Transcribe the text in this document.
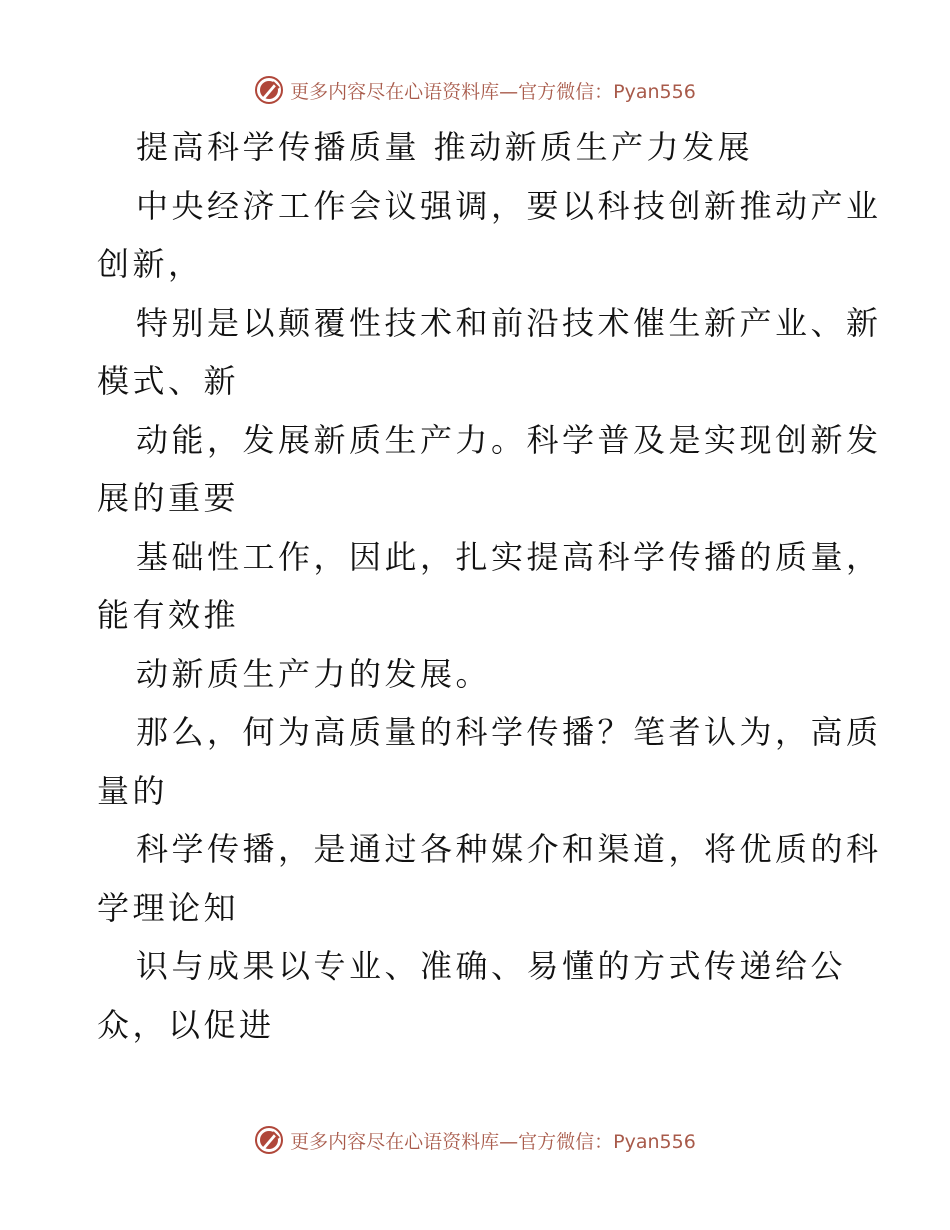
更多内容尽在心语资料库—官方微信：Pyan556
提高科学传播质量 推动新质生产力发展
中央经济工作会议强调，要以科技创新推动产业
创新，
特别是以颠覆性技术和前沿技术催生新产业、新
模式、新
动能，发展新质生产力。科学普及是实现创新发
展的重要
基础性工作，因此，扎实提高科学传播的质量，
能有效推
动新质生产力的发展。
那么，何为高质量的科学传播？笔者认为，高质
量的
科学传播，是通过各种媒介和渠道，将优质的科
学理论知
识与成果以专业、准确、易懂的方式传递给公
众，以促进
更多内容尽在心语资料库—官方微信：Pyan556
